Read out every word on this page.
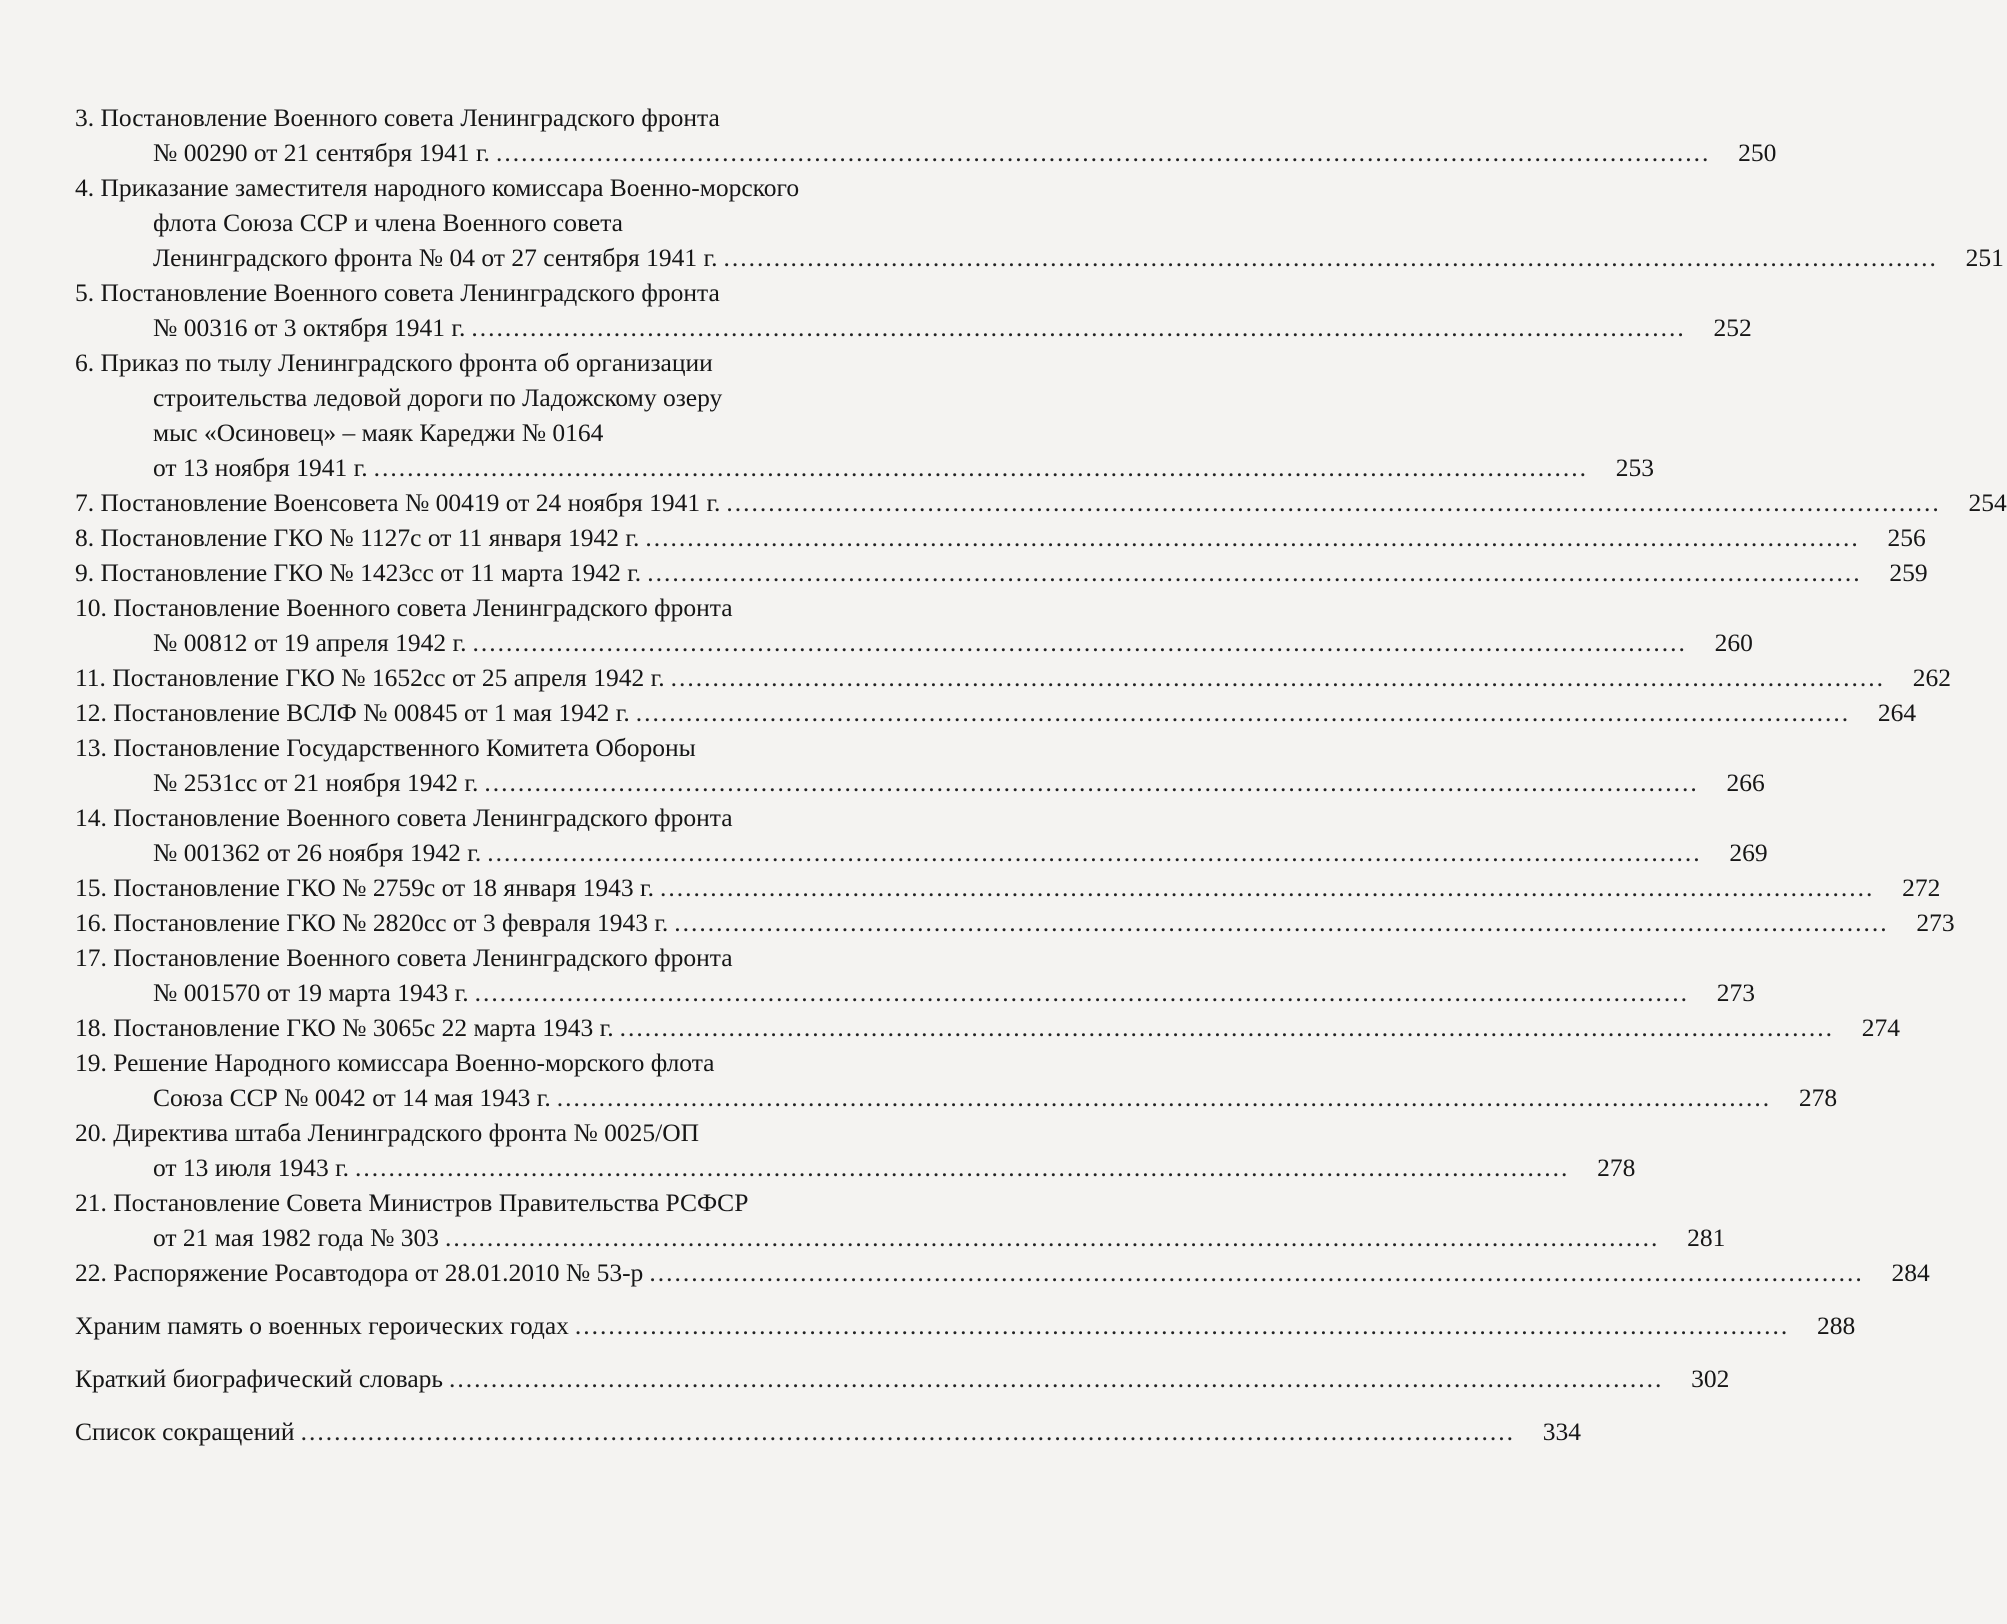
3. Постановление Военного совета Ленинградского фронта
№ 00290 от 21 сентября 1941 г. .................................................................................................................................................	250
4. Приказание заместителя народного комиссара Военно-морского
флота Союза ССР и члена Военного совета
Ленинградского фронта № 04 от 27 сентября 1941 г. .................................................................................................................................................	251
5. Постановление Военного совета Ленинградского фронта
№ 00316 от 3 октября 1941 г. .................................................................................................................................................	252
6. Приказ по тылу Ленинградского фронта об организации
строительства ледовой дороги по Ладожскому озеру
мыс «Осиновец» – маяк Кареджи № 0164
от 13 ноября 1941 г. .................................................................................................................................................	253
7. Постановление Военсовета № 00419 от 24 ноября 1941 г. .................................................................................................................................................	254
8. Постановление ГКО № 1127с от 11 января 1942 г. .................................................................................................................................................	256
9. Постановление ГКО № 1423сс от 11 марта 1942 г. .................................................................................................................................................	259
10. Постановление Военного совета Ленинградского фронта
№ 00812 от 19 апреля 1942 г. .................................................................................................................................................	260
11. Постановление ГКО № 1652сс от 25 апреля 1942 г. .................................................................................................................................................	262
12. Постановление ВСЛФ № 00845 от 1 мая 1942 г. .................................................................................................................................................	264
13. Постановление Государственного Комитета Обороны
№ 2531сс от 21 ноября 1942 г. .................................................................................................................................................	266
14. Постановление Военного совета Ленинградского фронта
№ 001362 от 26 ноября 1942 г. .................................................................................................................................................	269
15. Постановление ГКО № 2759с от 18 января 1943 г. .................................................................................................................................................	272
16. Постановление ГКО № 2820сс от 3 февраля 1943 г. .................................................................................................................................................	273
17. Постановление Военного совета Ленинградского фронта
№ 001570 от 19 марта 1943 г. .................................................................................................................................................	273
18. Постановление ГКО № 3065с 22 марта 1943 г. .................................................................................................................................................	274
19. Решение Народного комиссара Военно-морского флота
Союза ССР № 0042 от 14 мая 1943 г. .................................................................................................................................................	278
20. Директива штаба Ленинградского фронта № 0025/ОП
от 13 июля 1943 г. .................................................................................................................................................	278
21. Постановление Совета Министров Правительства РСФСР
от 21 мая 1982 года № 303 .................................................................................................................................................	281
22. Распоряжение Росавтодора от 28.01.2010 № 53-р .................................................................................................................................................	284
Храним память о военных героических годах .................................................................................................................................................	288
Краткий биографический словарь .................................................................................................................................................	302
Список сокращений .................................................................................................................................................	334
